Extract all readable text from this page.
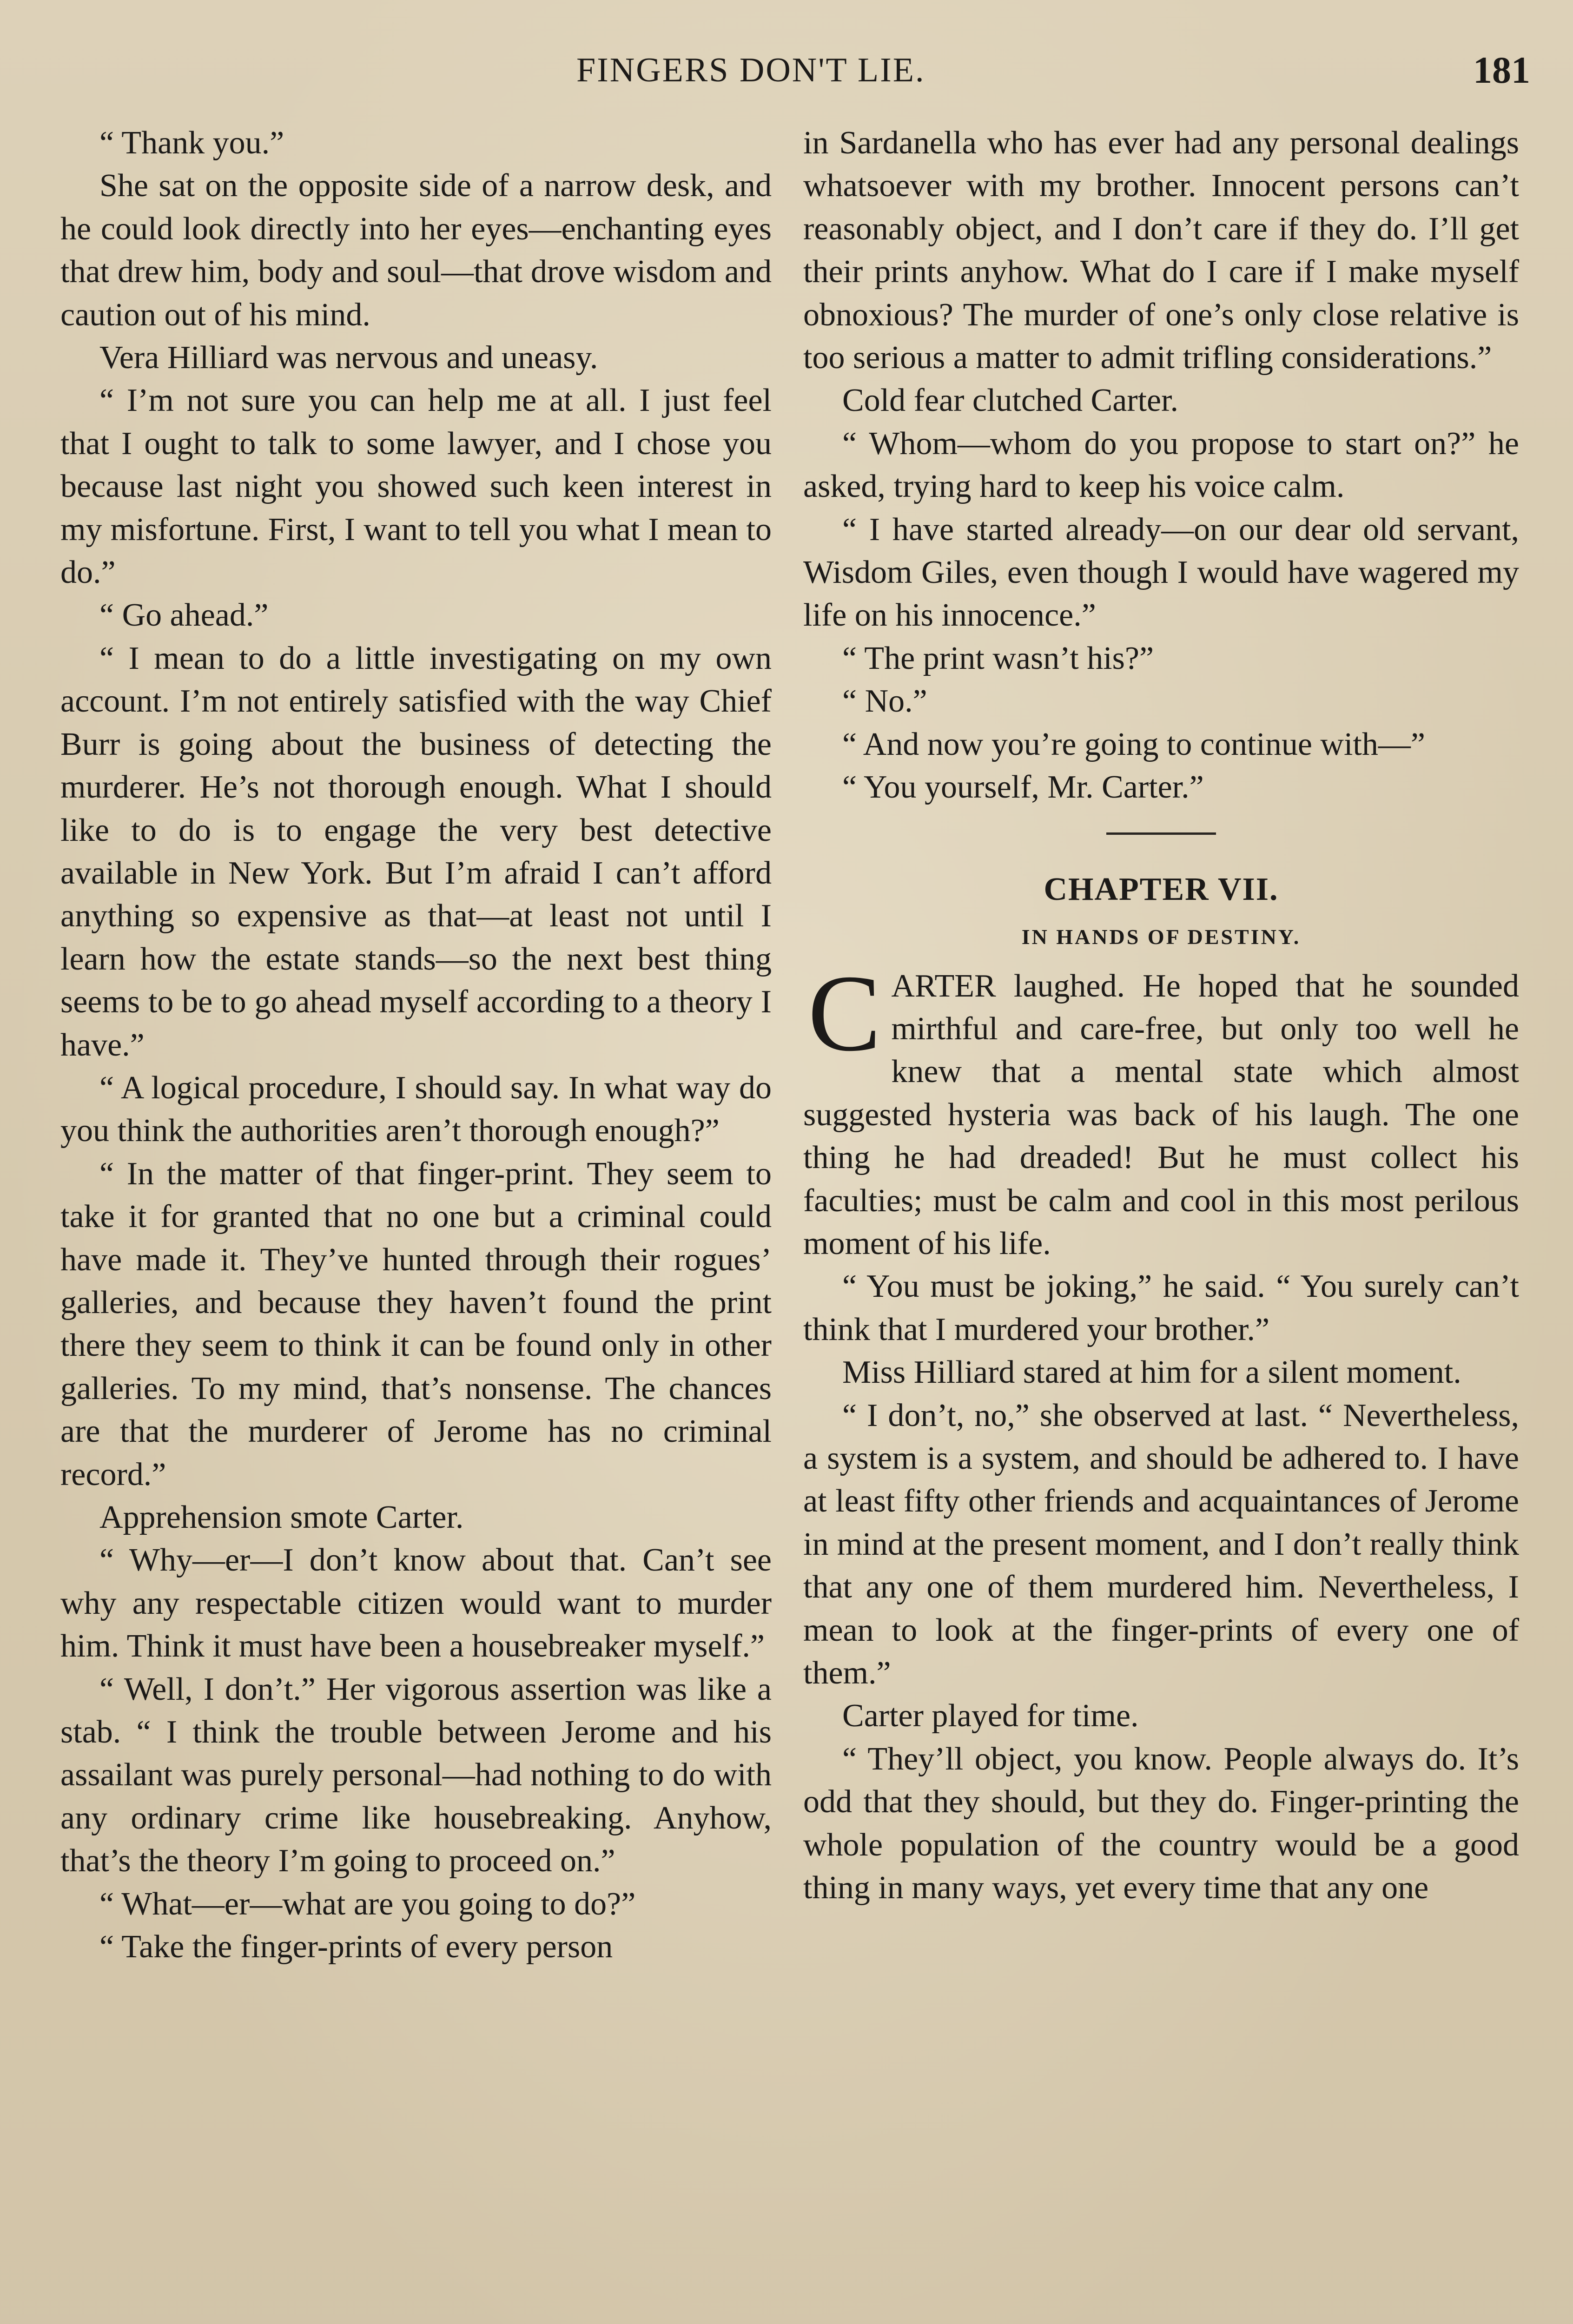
FINGERS DON'T LIE.	181

“ Thank you.”

She sat on the opposite side of a narrow desk, and he could look directly into her eyes—enchanting eyes that drew him, body and soul—that drove wisdom and caution out of his mind.

Vera Hilliard was nervous and uneasy.

“ I’m not sure you can help me at all. I just feel that I ought to talk to some lawyer, and I chose you because last night you showed such keen interest in my misfortune. First, I want to tell you what I mean to do.”

“ Go ahead.”

“ I mean to do a little investigating on my own account. I’m not entirely satisfied with the way Chief Burr is going about the business of detecting the murderer. He’s not thorough enough. What I should like to do is to engage the very best detective available in New York. But I’m afraid I can’t afford anything so expensive as that—at least not until I learn how the estate stands—so the next best thing seems to be to go ahead myself according to a theory I have.”

“ A logical procedure, I should say. In what way do you think the authorities aren’t thorough enough?”

“ In the matter of that finger-print. They seem to take it for granted that no one but a criminal could have made it. They’ve hunted through their rogues’ galleries, and because they haven’t found the print there they seem to think it can be found only in other galleries. To my mind, that’s nonsense. The chances are that the murderer of Jerome has no criminal record.”

Apprehension smote Carter.

“ Why—er—I don’t know about that. Can’t see why any respectable citizen would want to murder him. Think it must have been a housebreaker myself.”

“ Well, I don’t.” Her vigorous assertion was like a stab. “ I think the trouble between Jerome and his assailant was purely personal—had nothing to do with any ordinary crime like housebreaking. Anyhow, that’s the theory I’m going to proceed on.”

“ What—er—what are you going to do?”

“ Take the finger-prints of every person

in Sardanella who has ever had any personal dealings whatsoever with my brother. Innocent persons can’t reasonably object, and I don’t care if they do. I’ll get their prints anyhow. What do I care if I make myself obnoxious? The murder of one’s only close relative is too serious a matter to admit trifling considerations.”

Cold fear clutched Carter.

“ Whom—whom do you propose to start on?” he asked, trying hard to keep his voice calm.

“ I have started already—on our dear old servant, Wisdom Giles, even though I would have wagered my life on his innocence.”

“ The print wasn’t his?”

“ No.”

“ And now you’re going to continue with—”

“ You yourself, Mr. Carter.”

CHAPTER VII.
IN HANDS OF DESTINY.

CARTER laughed. He hoped that he sounded mirthful and care-free, but only too well he knew that a mental state which almost suggested hysteria was back of his laugh. The one thing he had dreaded! But he must collect his faculties; must be calm and cool in this most perilous moment of his life.

“ You must be joking,” he said. “ You surely can’t think that I murdered your brother.”

Miss Hilliard stared at him for a silent moment.

“ I don’t, no,” she observed at last. “ Nevertheless, a system is a system, and should be adhered to. I have at least fifty other friends and acquaintances of Jerome in mind at the present moment, and I don’t really think that any one of them murdered him. Nevertheless, I mean to look at the finger-prints of every one of them.”

Carter played for time.

“ They’ll object, you know. People always do. It’s odd that they should, but they do. Finger-printing the whole population of the country would be a good thing in many ways, yet every time that any one
